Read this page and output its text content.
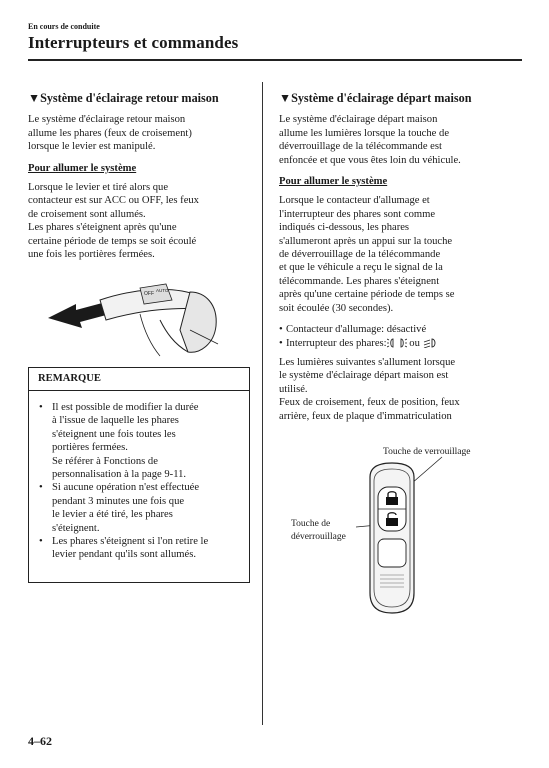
En cours de conduite
Interrupteurs et commandes

▼Système d'éclairage retour maison

Le système d'éclairage retour maison

allume les phares (feux de croisement)

lorsque le levier est manipulé.

Pour allumer le système

Lorsque le levier et tiré alors que

contacteur est sur ACC ou OFF, les feux

de croisement sont allumés.

Les phares s'éteignent après qu'une

certaine période de temps se soit écoulé

une fois les portières fermées.

OFF
AUTO
REMARQUE
• Il est possible de modifier la durée
à l'issue de laquelle les phares
s'éteignent une fois toutes les
portières fermées.
Se référer à Fonctions de
personnalisation à la page 9-11.
• Si aucune opération n'est effectuée
pendant 3 minutes une fois que
le levier a été tiré, les phares
s'éteignent.
• Les phares s'éteignent si l'on retire le
levier pendant qu'ils sont allumés.

▼Système d'éclairage départ maison

Le système d'éclairage départ maison

allume les lumières lorsque la touche de

déverrouillage de la télécommande est

enfoncée et que vous êtes loin du véhicule.

Pour allumer le système

Lorsque le contacteur d'allumage et

l'interrupteur des phares sont comme

indiqués ci-dessous, les phares

s'allumeront après un appui sur la touche

de déverrouillage de la télécommande

et que le véhicule a reçu le signal de la

télécommande. Les phares s'éteignent

après qu'une certaine période de temps se

soit écoulée (30 secondes).

• Contacteur d'allumage: désactivé
• Interrupteur des phares: ou

Les lumières suivantes s'allument lorsque

le système d'éclairage départ maison est

utilisé.

Feux de croisement, feux de position, feux

arrière, feux de plaque d'immatriculation

Touche de verrouillage
Touche de
déverrouillage
4–62
